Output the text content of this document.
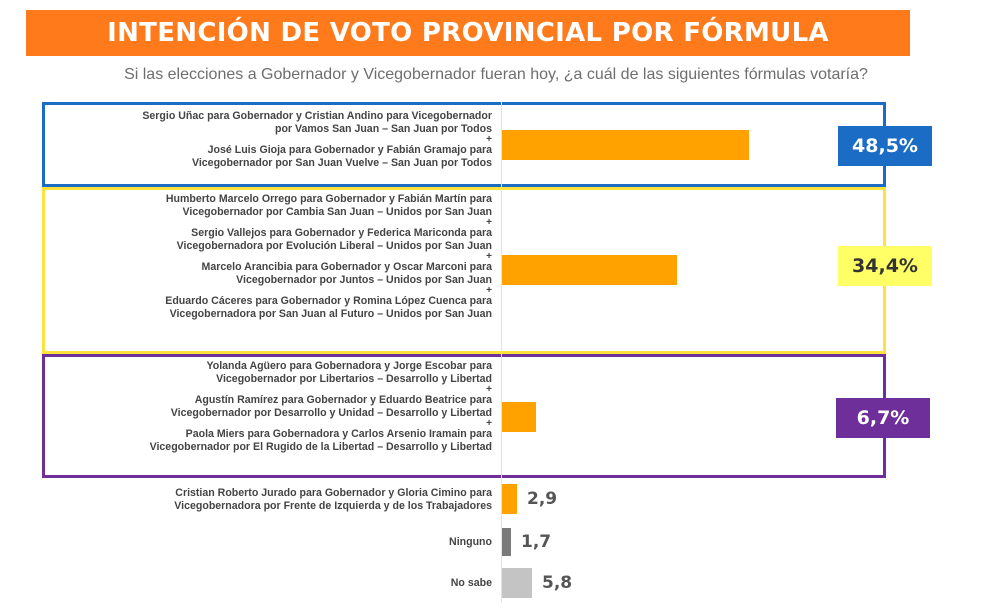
INTENCIÓN DE VOTO PROVINCIAL POR FÓRMULA
Si las elecciones a Gobernador y Vicegobernador fueran hoy, ¿a cuál de las siguientes fórmulas votaría?
Sergio Uñac para Gobernador y Cristian Andino para Vicegobernador
por Vamos San Juan – San Juan por Todos
+
José Luis Gioja para Gobernador y Fabián Gramajo para
Vicegobernador por San Juan Vuelve – San Juan por Todos
Humberto Marcelo Orrego para Gobernador y Fabián Martín para
Vicegobernador por Cambia San Juan – Unidos por San Juan
+
Sergio Vallejos para Gobernador y Federica Mariconda para
Vicegobernadora por Evolución Liberal – Unidos por San Juan
+
Marcelo Arancibia para Gobernador y Oscar Marconi para
Vicegobernador por Juntos – Unidos por San Juan
+
Eduardo Cáceres para Gobernador y Romina López Cuenca para
Vicegobernadora por San Juan al Futuro – Unidos por San Juan
Yolanda Agüero para Gobernadora y Jorge Escobar para
Vicegobernador por Libertarios – Desarrollo y Libertad
+
Agustín Ramírez para Gobernador y Eduardo Beatrice para
Vicegobernador por Desarrollo y Unidad – Desarrollo y Libertad
+
Paola Miers para Gobernadora y Carlos Arsenio Iramain para
Vicegobernador por El Rugido de la Libertad – Desarrollo y Libertad
Cristian Roberto Jurado para Gobernador y Gloria Cimino para
Vicegobernadora por Frente de Izquierda y de los Trabajadores 2,9
Ninguno 1,7
No sabe	5,8
48,5%
34,4%
6,7%
